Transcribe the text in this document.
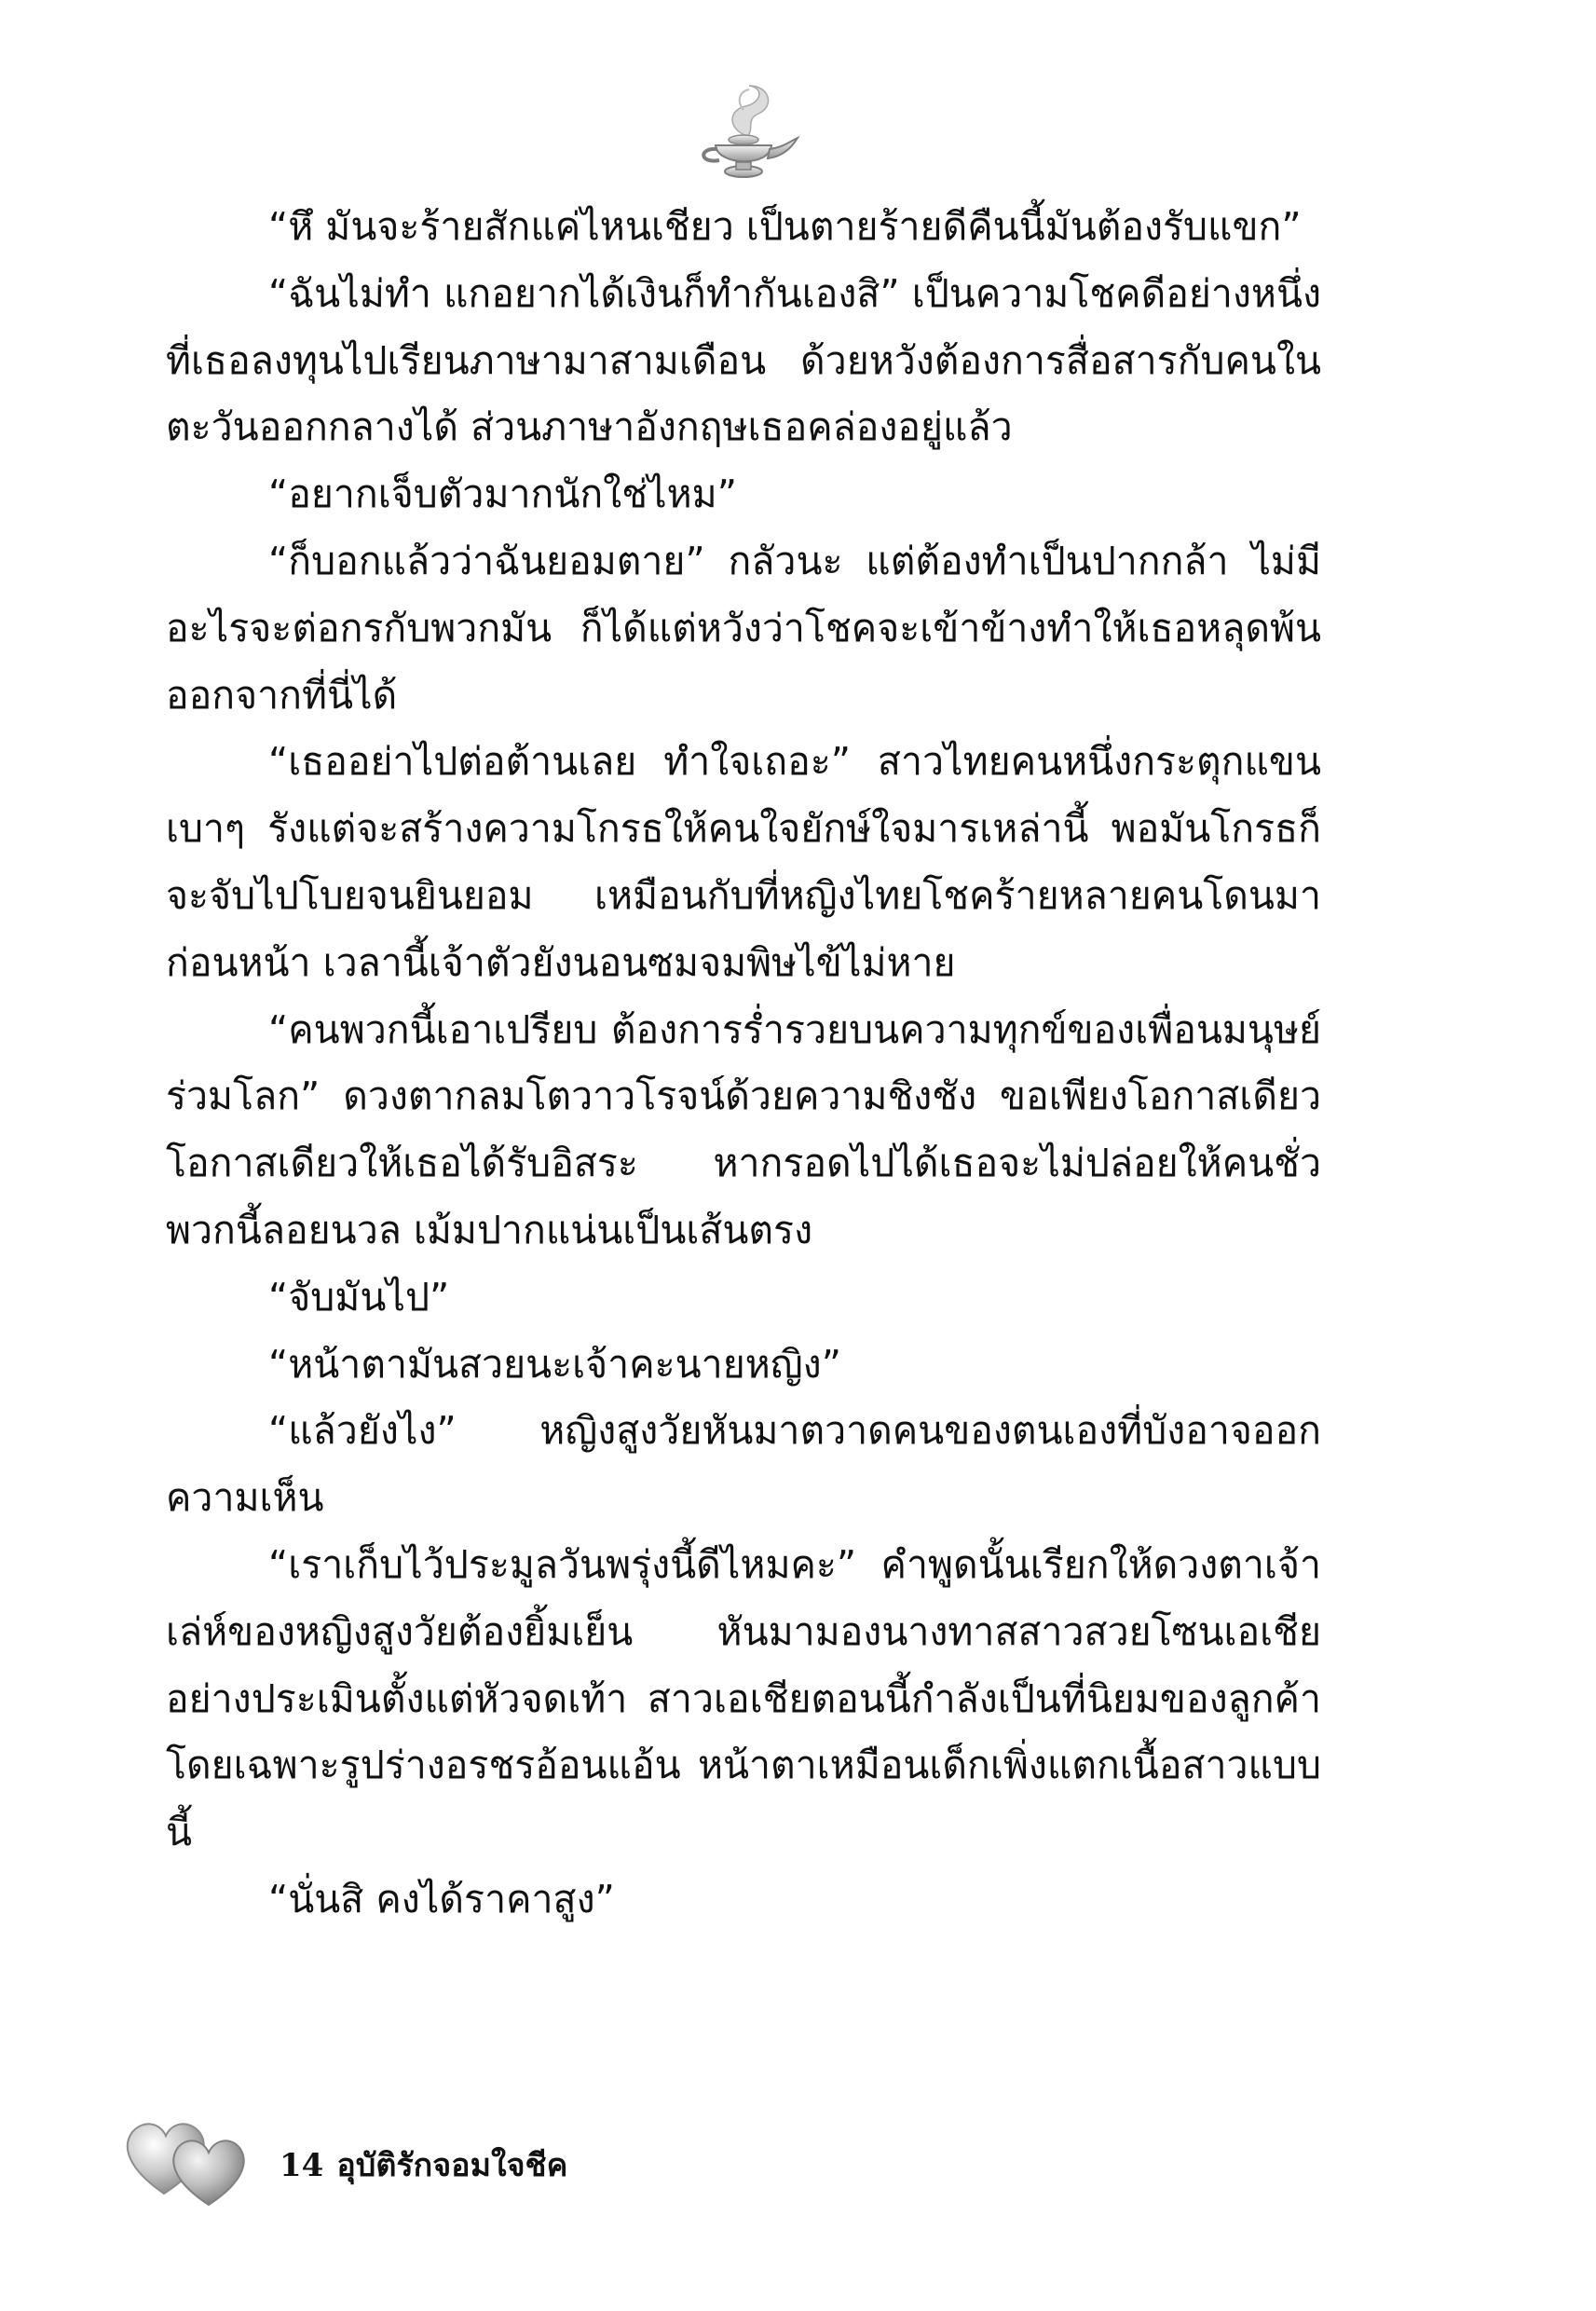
“หึ มันจะร้ายสักแค่ไหนเชียว เป็นตายร้ายดีคืนนี้มันต้องรับแขก”

“ฉันไม่ทำ แกอยากได้เงินก็ทำกันเองสิ” เป็นความโชคดีอย่างหนึ่งที่เธอลงทุนไปเรียนภาษามาสามเดือน ด้วยหวังต้องการสื่อสารกับคนในตะวันออกกลางได้ ส่วนภาษาอังกฤษเธอคล่องอยู่แล้ว

“อยากเจ็บตัวมากนักใช่ไหม”

“ก็บอกแล้วว่าฉันยอมตาย” กลัวนะ แต่ต้องทำเป็นปากกล้า ไม่มีอะไรจะต่อกรกับพวกมัน ก็ได้แต่หวังว่าโชคจะเข้าข้างทำให้เธอหลุดพ้นออกจากที่นี่ได้

“เธออย่าไปต่อต้านเลย ทำใจเถอะ” สาวไทยคนหนึ่งกระตุกแขนเบาๆ รังแต่จะสร้างความโกรธให้คนใจยักษ์ใจมารเหล่านี้ พอมันโกรธก็จะจับไปโบยจนยินยอม เหมือนกับที่หญิงไทยโชคร้ายหลายคนโดนมาก่อนหน้า เวลานี้เจ้าตัวยังนอนซมจมพิษไข้ไม่หาย

“คนพวกนี้เอาเปรียบ ต้องการร่ำรวยบนความทุกข์ของเพื่อนมนุษย์ร่วมโลก” ดวงตากลมโตวาวโรจน์ด้วยความชิงชัง ขอเพียงโอกาสเดียวโอกาสเดียวให้เธอได้รับอิสระ หากรอดไปได้เธอจะไม่ปล่อยให้คนชั่วพวกนี้ลอยนวล เม้มปากแน่นเป็นเส้นตรง

“จับมันไป”

“หน้าตามันสวยนะเจ้าคะนายหญิง”

“แล้วยังไง” หญิงสูงวัยหันมาตวาดคนของตนเองที่บังอาจออกความเห็น

“เราเก็บไว้ประมูลวันพรุ่งนี้ดีไหมคะ” คำพูดนั้นเรียกให้ดวงตาเจ้าเล่ห์ของหญิงสูงวัยต้องยิ้มเย็น หันมามองนางทาสสาวสวยโซนเอเชียอย่างประเมินตั้งแต่หัวจดเท้า สาวเอเชียตอนนี้กำลังเป็นที่นิยมของลูกค้าโดยเฉพาะรูปร่างอรชรอ้อนแอ้น หน้าตาเหมือนเด็กเพิ่งแตกเนื้อสาวแบบนี้

“นั่นสิ คงได้ราคาสูง”

14 อุบัติรักจอมใจชีค
